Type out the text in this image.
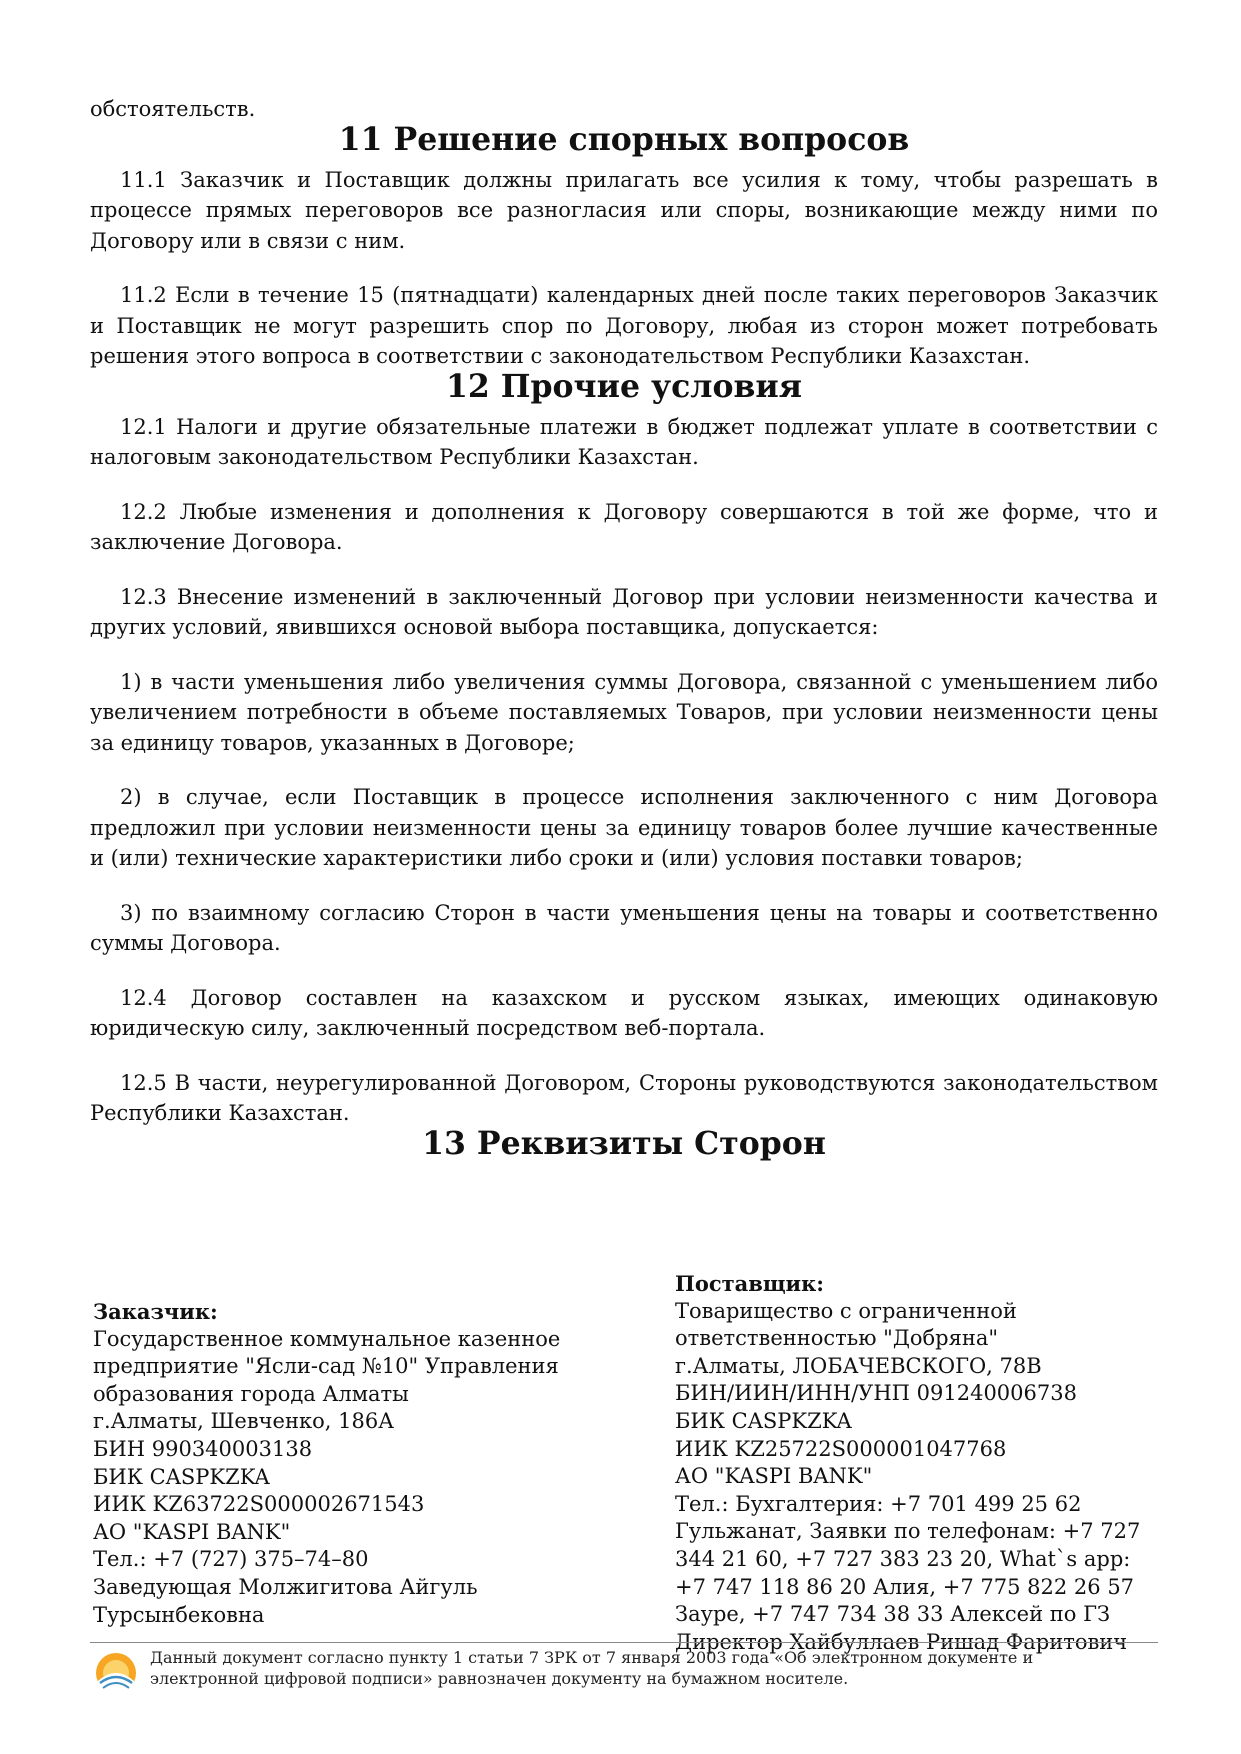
обстоятельств.

11 Решение спорных вопросов

11.1 Заказчик и Поставщик должны прилагать все усилия к тому, чтобы разрешать в процессе прямых переговоров все разногласия или споры, возникающие между ними по Договору или в связи с ним.

11.2 Если в течение 15 (пятнадцати) календарных дней после таких переговоров Заказчик и Поставщик не могут разрешить спор по Договору, любая из сторон может потребовать решения этого вопроса в соответствии с законодательством Республики Казахстан.

12 Прочие условия

12.1 Налоги и другие обязательные платежи в бюджет подлежат уплате в соответствии с налоговым законодательством Республики Казахстан.

12.2 Любые изменения и дополнения к Договору совершаются в той же форме, что и заключение Договора.

12.3 Внесение изменений в заключенный Договор при условии неизменности качества и других условий, явившихся основой выбора поставщика, допускается:

1) в части уменьшения либо увеличения суммы Договора, связанной с уменьшением либо увеличением потребности в объеме поставляемых Товаров, при условии неизменности цены за единицу товаров, указанных в Договоре;

2) в случае, если Поставщик в процессе исполнения заключенного с ним Договора предложил при условии неизменности цены за единицу товаров более лучшие качественные и (или) технические характеристики либо сроки и (или) условия поставки товаров;

3) по взаимному согласию Сторон в части уменьшения цены на товары и соответственно суммы Договора.

12.4 Договор составлен на казахском и русском языках, имеющих одинаковую юридическую силу, заключенный посредством веб-портала.

12.5 В части, неурегулированной Договором, Стороны руководствуются законодательством Республики Казахстан.

13 Реквизиты Сторон
Заказчик:
Государственное коммунальное казенное
предприятие "Ясли-сад №10" Управления
образования города Алматы
г.Алматы, Шевченко, 186А
БИН 990340003138
БИК CASPKZKA
ИИК KZ63722S000002671543
АО "KASPI BANK"
Тел.: +7 (727) 375–74–80
Заведующая Молжигитова Айгуль
Турсынбековна
Поставщик:
Товарищество с ограниченной
ответственностью "Добряна"
г.Алматы, ЛОБАЧЕВСКОГО, 78В
БИН/ИИН/ИНН/УНП 091240006738
БИК CASPKZKA
ИИК KZ25722S000001047768
АО "KASPI BANK"
Тел.: Бухгалтерия: +7 701 499 25 62
Гульжанат, Заявки по телефонам: +7 727
344 21 60, +7 727 383 23 20, What`s app:
+7 747 118 86 20 Алия, +7 775 822 26 57
Зауре, +7 747 734 38 33 Алексей по ГЗ
Директор Хайбуллаев Ришад Фаритович
Данный документ согласно пункту 1 статьи 7 ЗРК от 7 января 2003 года «Об электронном документе и
электронной цифровой подписи» равнозначен документу на бумажном носителе.
